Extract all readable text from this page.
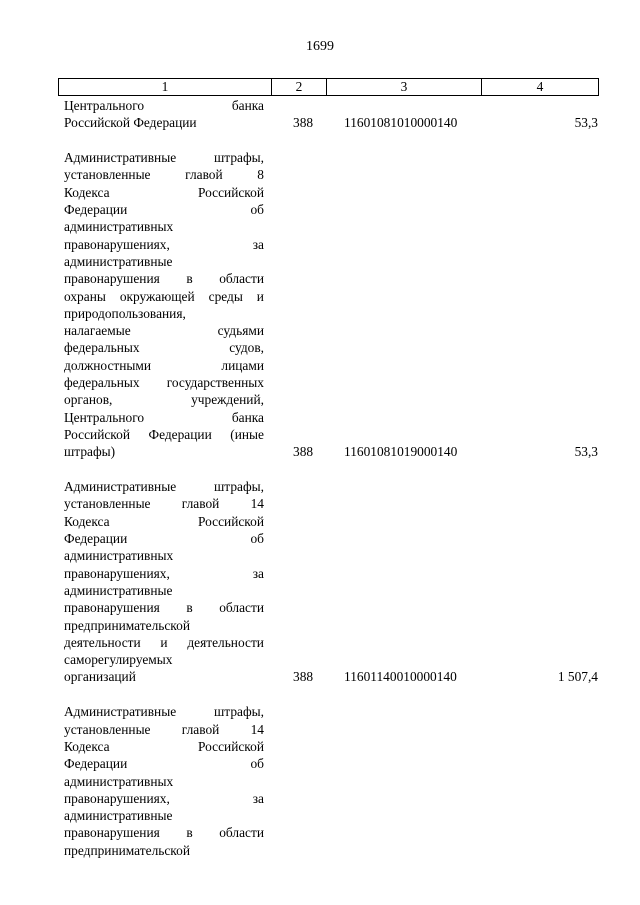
1699
1	2	3	4
Центрального	банка
Российской Федерации	388 11601081010000140	53,3
Административные	штрафы,
установленные	главой	8
Кодекса	Российской
Федерации	об
административных
правонарушениях,	за
административные
правонарушения в области
охраны окружающей среды и
природопользования,
налагаемые	судьями
федеральных	судов,
должностными	лицами
федеральных государственных
органов,	учреждений,
Центрального	банка
Российской Федерации (иные
штрафы)	388 11601081019000140	53,3
Административные	штрафы,
установленные главой 14
Кодекса	Российской
Федерации	об
административных
правонарушениях,	за
административные
правонарушения в области
предпринимательской
деятельности и деятельности
саморегулируемых
организаций	388 11601140010000140	1 507,4
Административные	штрафы,
установленные главой 14
Кодекса	Российской
Федерации	об
административных
правонарушениях,	за
административные
правонарушения в области
предпринимательской
